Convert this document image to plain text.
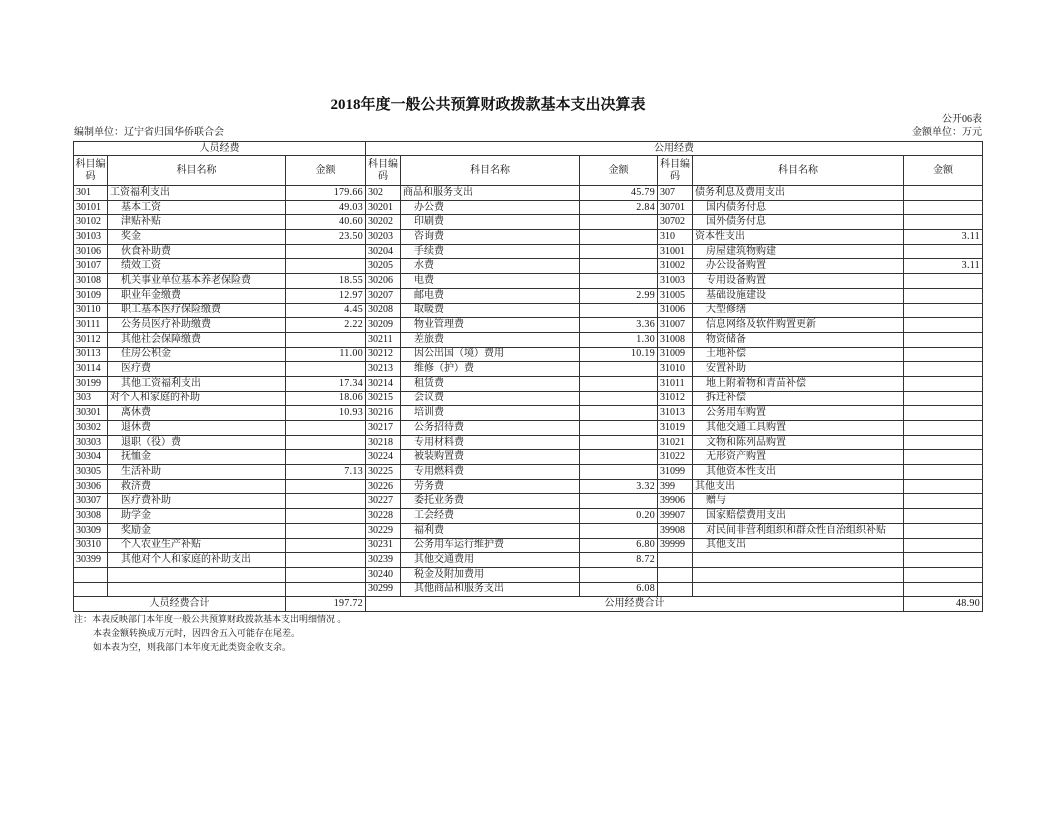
2018年度一般公共预算财政拨款基本支出决算表
公开06表
编制单位：辽宁省归国华侨联合会	金额单位：万元
人员经费			公用经费					
科目编码	科目名称	金额	科目编码	科目名称	金额	科目编码	科目名称	金额
301	工资福利支出	179.66	302	商品和服务支出	45.79	307	债务利息及费用支出	
30101	基本工资	49.03	30201	办公费	2.84	30701	国内债务付息	
30102	津贴补贴	40.60	30202	印刷费		30702	国外债务付息	
30103	奖金	23.50	30203	咨询费		310	资本性支出	3.11
30106	伙食补助费		30204	手续费		31001	房屋建筑物购建	
30107	绩效工资		30205	水费		31002	办公设备购置	3.11
30108	机关事业单位基本养老保险费	18.55	30206	电费		31003	专用设备购置	
30109	职业年金缴费	12.97	30207	邮电费	2.99	31005	基础设施建设	
30110	职工基本医疗保险缴费	4.45	30208	取暖费		31006	大型修缮	
30111	公务员医疗补助缴费	2.22	30209	物业管理费	3.36	31007	信息网络及软件购置更新	
30112	其他社会保障缴费		30211	差旅费	1.30	31008	物资储备	
30113	住房公积金	11.00	30212	因公出国（境）费用	10.19	31009	土地补偿	
30114	医疗费		30213	维修（护）费		31010	安置补助	
30199	其他工资福利支出	17.34	30214	租赁费		31011	地上附着物和青苗补偿	
303	对个人和家庭的补助	18.06	30215	会议费		31012	拆迁补偿	
30301	离休费	10.93	30216	培训费		31013	公务用车购置	
30302	退休费		30217	公务招待费		31019	其他交通工具购置	
30303	退职（役）费		30218	专用材料费		31021	文物和陈列品购置	
30304	抚恤金		30224	被装购置费		31022	无形资产购置	
30305	生活补助	7.13	30225	专用燃料费		31099	其他资本性支出	
30306	救济费		30226	劳务费	3.32	399	其他支出	
30307	医疗费补助		30227	委托业务费		39906	赠与	
30308	助学金		30228	工会经费	0.20	39907	国家赔偿费用支出	
30309	奖励金		30229	福利费		39908	对民间非营利组织和群众性自治组织补贴	
30310	个人农业生产补贴		30231	公务用车运行维护费	6.80	39999	其他支出	
30399	其他对个人和家庭的补助支出		30239	其他交通费用	8.72			
			30240	税金及附加费用				
			30299	其他商品和服务支出	6.08			
人员经费合计		197.72	公用经费合计					48.90
注：本表反映部门本年度一般公共预算财政拨款基本支出明细情况 。
本表金额转换成万元时，因四舍五入可能存在尾差。
如本表为空，则我部门本年度无此类资金收支余。
